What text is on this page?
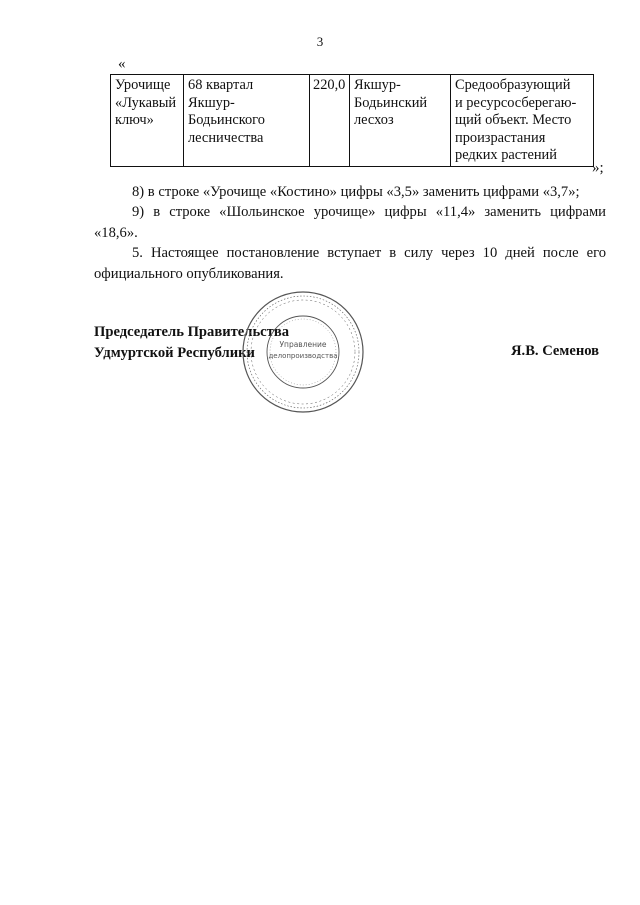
3
«
Урочище
«Лукавый
ключ»

68 квартал
Якшур-
Бодьинского
лесничества

220,0	Якшур-
Бодьинский
лесхоз

Средообразующий
и ресурсосберегаю-
щий объект. Место
произрастания
редких растений
»;

8) в строке «Урочище «Костино» цифры «3,5» заменить цифрами «3,7»;

9) в строке «Шольинское урочище» цифры «11,4» заменить цифрами «18,6».

5. Настоящее постановление вступает в силу через 10 дней после его официального опубликования.

Председатель Правительства
Удмуртской Республики	Управление
делопроизводства	Я.В. Семенов
